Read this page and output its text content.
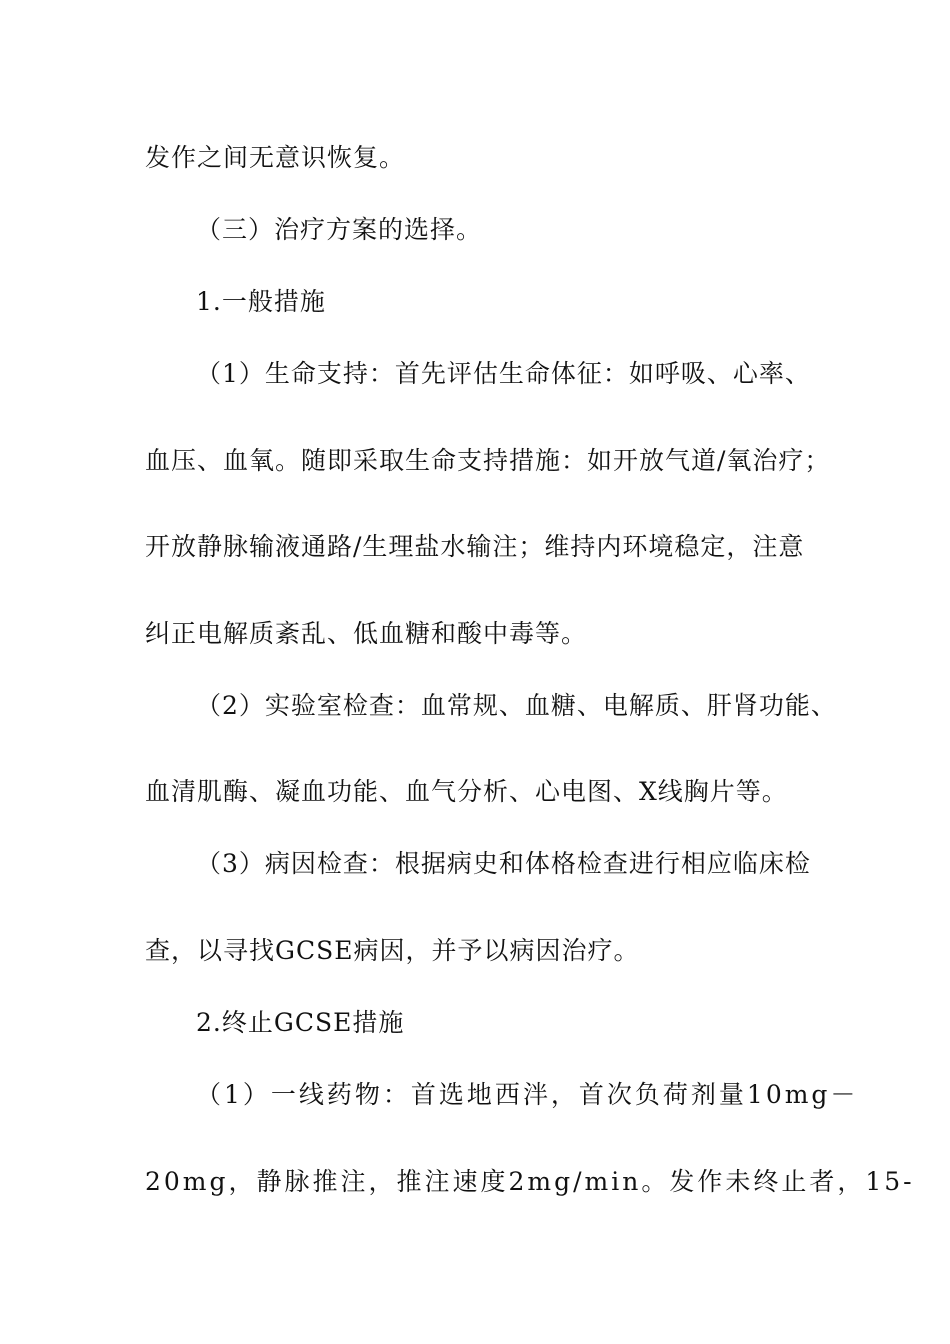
发作之间无意识恢复。
（三）治疗方案的选择。
1.一般措施
（1）生命支持：首先评估生命体征：如呼吸、心率、
血压、血氧。随即采取生命支持措施：如开放气道/氧治疗；
开放静脉输液通路/生理盐水输注；维持内环境稳定，注意
纠正电解质紊乱、低血糖和酸中毒等。
（2）实验室检查：血常规、血糖、电解质、肝肾功能、
血清肌酶、凝血功能、血气分析、心电图、X线胸片等。
（3）病因检查：根据病史和体格检查进行相应临床检
查，以寻找GCSE病因，并予以病因治疗。
2.终止GCSE措施
（1）一线药物：首选地西泮，首次负荷剂量10mg－
20mg，静脉推注，推注速度2mg/min。发作未终止者，15-
